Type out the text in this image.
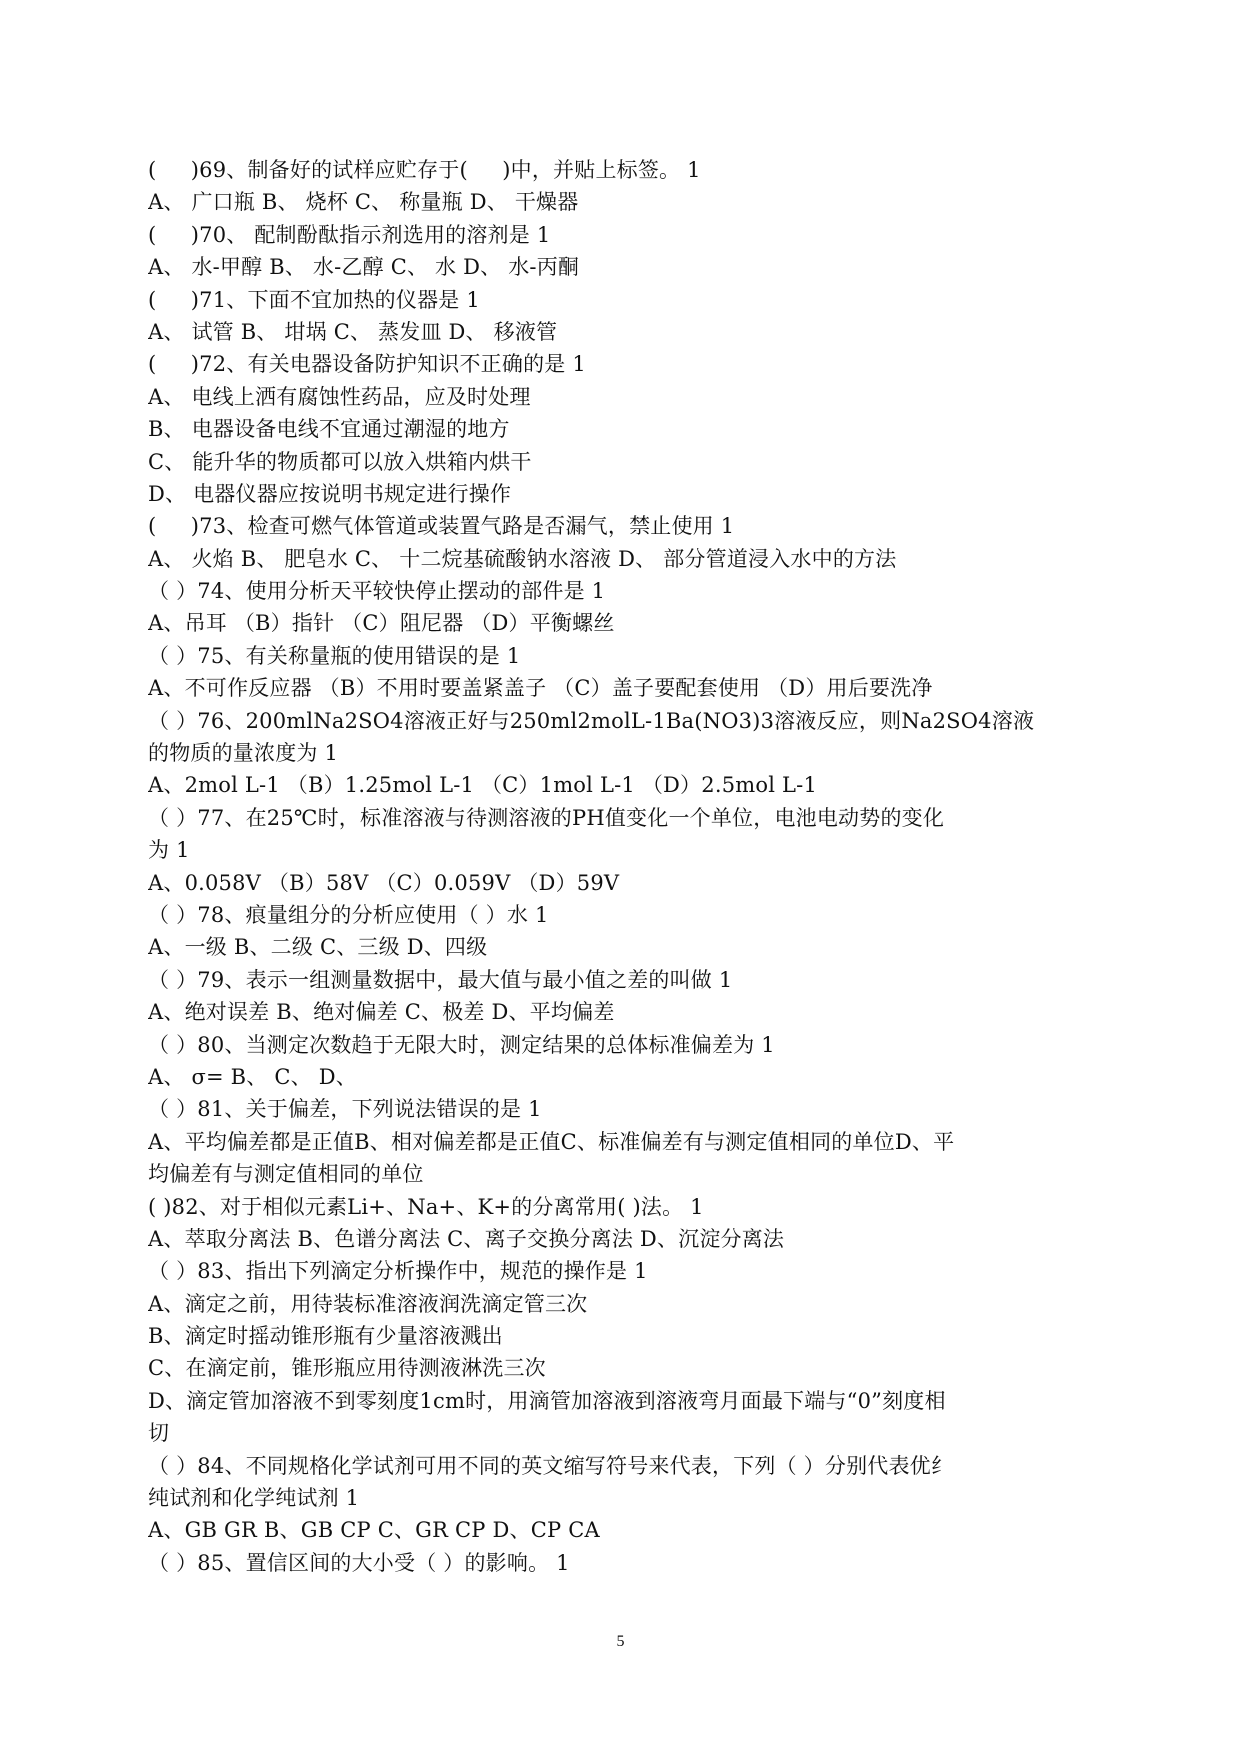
(     )69、制备好的试样应贮存于(     )中，并贴上标签。 1
A、 广口瓶 B、 烧杯 C、 称量瓶 D、 干燥器
(     )70、 配制酚酞指示剂选用的溶剂是 1
A、 水-甲醇 B、 水-乙醇 C、 水 D、 水-丙酮
(     )71、下面不宜加热的仪器是 1
A、 试管 B、 坩埚 C、 蒸发皿 D、 移液管
(     )72、有关电器设备防护知识不正确的是 1
A、 电线上洒有腐蚀性药品，应及时处理
B、 电器设备电线不宜通过潮湿的地方
C、 能升华的物质都可以放入烘箱内烘干
D、 电器仪器应按说明书规定进行操作
(     )73、检查可燃气体管道或装置气路是否漏气，禁止使用 1
A、 火焰 B、 肥皂水 C、 十二烷基硫酸钠水溶液 D、 部分管道浸入水中的方法
（ ）74、使用分析天平较快停止摆动的部件是 1
A、吊耳 （B）指针 （C）阻尼器 （D）平衡螺丝
（ ）75、有关称量瓶的使用错误的是 1
A、不可作反应器 （B）不用时要盖紧盖子 （C）盖子要配套使用 （D）用后要洗净
（ ）76、200mlNa2SO4溶液正好与250ml2molL-1Ba(NO3)3溶液反应，则Na2SO4溶液
的物质的量浓度为 1
A、2mol L-1 （B）1.25mol L-1 （C）1mol L-1 （D）2.5mol L-1
（ ）77、在25℃时，标准溶液与待测溶液的PH值变化一个单位，电池电动势的变化
为 1
A、0.058V （B）58V （C）0.059V （D）59V
（ ）78、痕量组分的分析应使用（ ）水 1
A、一级 B、二级 C、三级 D、四级
（ ）79、表示一组测量数据中，最大值与最小值之差的叫做 1
A、绝对误差 B、绝对偏差 C、极差 D、平均偏差
（ ）80、当测定次数趋于无限大时，测定结果的总体标准偏差为 1
A、 σ= B、 C、 D、
（ ）81、关于偏差，下列说法错误的是 1
A、平均偏差都是正值B、相对偏差都是正值C、标准偏差有与测定值相同的单位D、平
均偏差有与测定值相同的单位
( )82、对于相似元素Li+、Na+、K+的分离常用( )法。 1
A、萃取分离法 B、色谱分离法 C、离子交换分离法 D、沉淀分离法
（ ）83、指出下列滴定分析操作中，规范的操作是 1
A、滴定之前，用待装标准溶液润洗滴定管三次
B、滴定时摇动锥形瓶有少量溶液溅出
C、在滴定前，锥形瓶应用待测液淋洗三次
D、滴定管加溶液不到零刻度1cm时，用滴管加溶液到溶液弯月面最下端与“0”刻度相
切
（ ）84、不同规格化学试剂可用不同的英文缩写符号来代表，下列（ ）分别代表优纟
纯试剂和化学纯试剂 1
A、GB GR B、GB CP C、GR CP D、CP CA
（ ）85、置信区间的大小受（ ）的影响。 1
5
